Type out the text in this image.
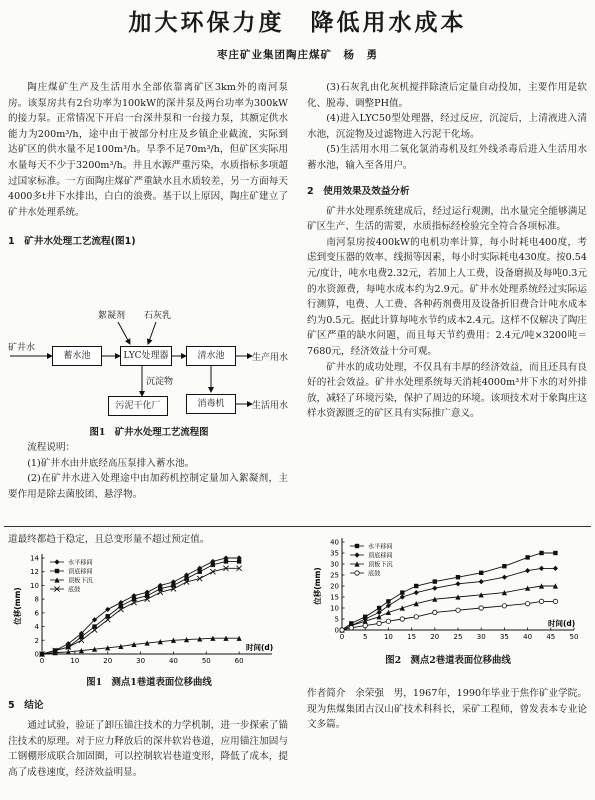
加大环保力度　降低用水成本
枣庄矿业集团陶庄煤矿　杨　勇

陶庄煤矿生产及生活用水全部依靠离矿区3km外的南河泵房。该泵房共有2台功率为100kW的深井泵及两台功率为300kW的接力泵。正常情况下开启一台深井泵和一台接力泵，其额定供水能力为200m³/h，途中由于被部分村庄及乡镇企业截流，实际到达矿区的供水量不足100m³/h。旱季不足70m³/h，但矿区实际用水量每天不少于3200m³/h。井且水源严重污染，水质指标多项超过国家标准。一方面陶庄煤矿严重缺水且水质较差，另一方面每天4000多t井下水排出，白白的浪费。基于以上原因，陶庄矿建立了矿井水处理系统。

1　矿井水处理工艺流程(图1)
矿井水
絮凝剂 石灰乳
蓄水池	LYC处理器	清水池	生产用水
沉淀物
污泥干化厂	消毒机	生活用水
图1　矿井水处理工艺流程图

流程说明：

(1)矿井水由井底经高压泵排入蓄水池。

(2)在矿井水进入处理途中由加药机控制定量加入絮凝剂，主要作用是除去菌胶团、悬浮物。

(3)石灰乳由化灰机搅拌除渣后定量自动投加，主要作用是软化、脱毒、调整PH值。

(4)进入LYC50型处理器，经过反应，沉淀后，上清液进入清水池，沉淀物及过滤物进入污泥干化场。

(5)生活用水用二氧化氯消毒机及红外线杀毒后进入生活用水蓄水池，输入至各用户。

2　使用效果及效益分析

矿井水处理系统建成后，经过运行观测，出水量完全能够满足矿区生产、生活的需要，水质指标经检验完全符合各项标准。

南河泵房按400kW的电机功率计算，每小时耗电400度，考虑到变压器的效率、线损等因素，每小时实际耗电430度。按0.54元/度计，吨水电费2.32元，若加上人工费，设备磨损及每吨0.3元的水资源费，每吨水成本约为2.9元。矿井水处理系统经过实际运行测算，电费、人工费、各种药剂费用及设备折旧费合计吨水成本约为0.5元。据此计算每吨水节约成本2.4元。这样不仅解决了陶庄矿区严重的缺水问题，而且每天节约费用：2.4元/吨×3200吨＝7680元，经济效益十分可观。

矿井水的成功处理，不仅具有丰厚的经济效益，而且还具有良好的社会效益。矿井水处理系统每天消耗4000m³井下水的对外排放，减轻了环境污染，保护了周边的环境。该项技术对于象陶庄这样水资源匮乏的矿区具有实际推广意义。

道最终都趋于稳定，且总变形量不超过预定值。

0	10	20	30	40	50	60
0
2
4
6
8
10
12
14
时间(d)
位移(mm)
水平移间
顶底移间
顶板下沉
底鼓
图1　测点1巷道表面位移曲线
5　结论

通过试验，验证了卸压锚注技术的力学机制，进一步探索了锚注技术的原理。对于应力释放后的深井软岩巷道，应用锚注加固与工钢棚形成联合加固圈，可以控制软岩巷道变形，降低了成本，提高了成巷速度，经济效益明显。

0	5 10 15 20 25 30 35 40 45 50
0
5
10
15
20
25
30
35
40
时间(d)
位移(mm)
水平移间
顶底移间
顶板下沉
底鼓
图2　测点2巷道表面位移曲线

作者简介　余荣强　男，1967年，1990年毕业于焦作矿业学院。现为焦煤集团古汉山矿技术科科长，采矿工程师，曾发表本专业论文多篇。
